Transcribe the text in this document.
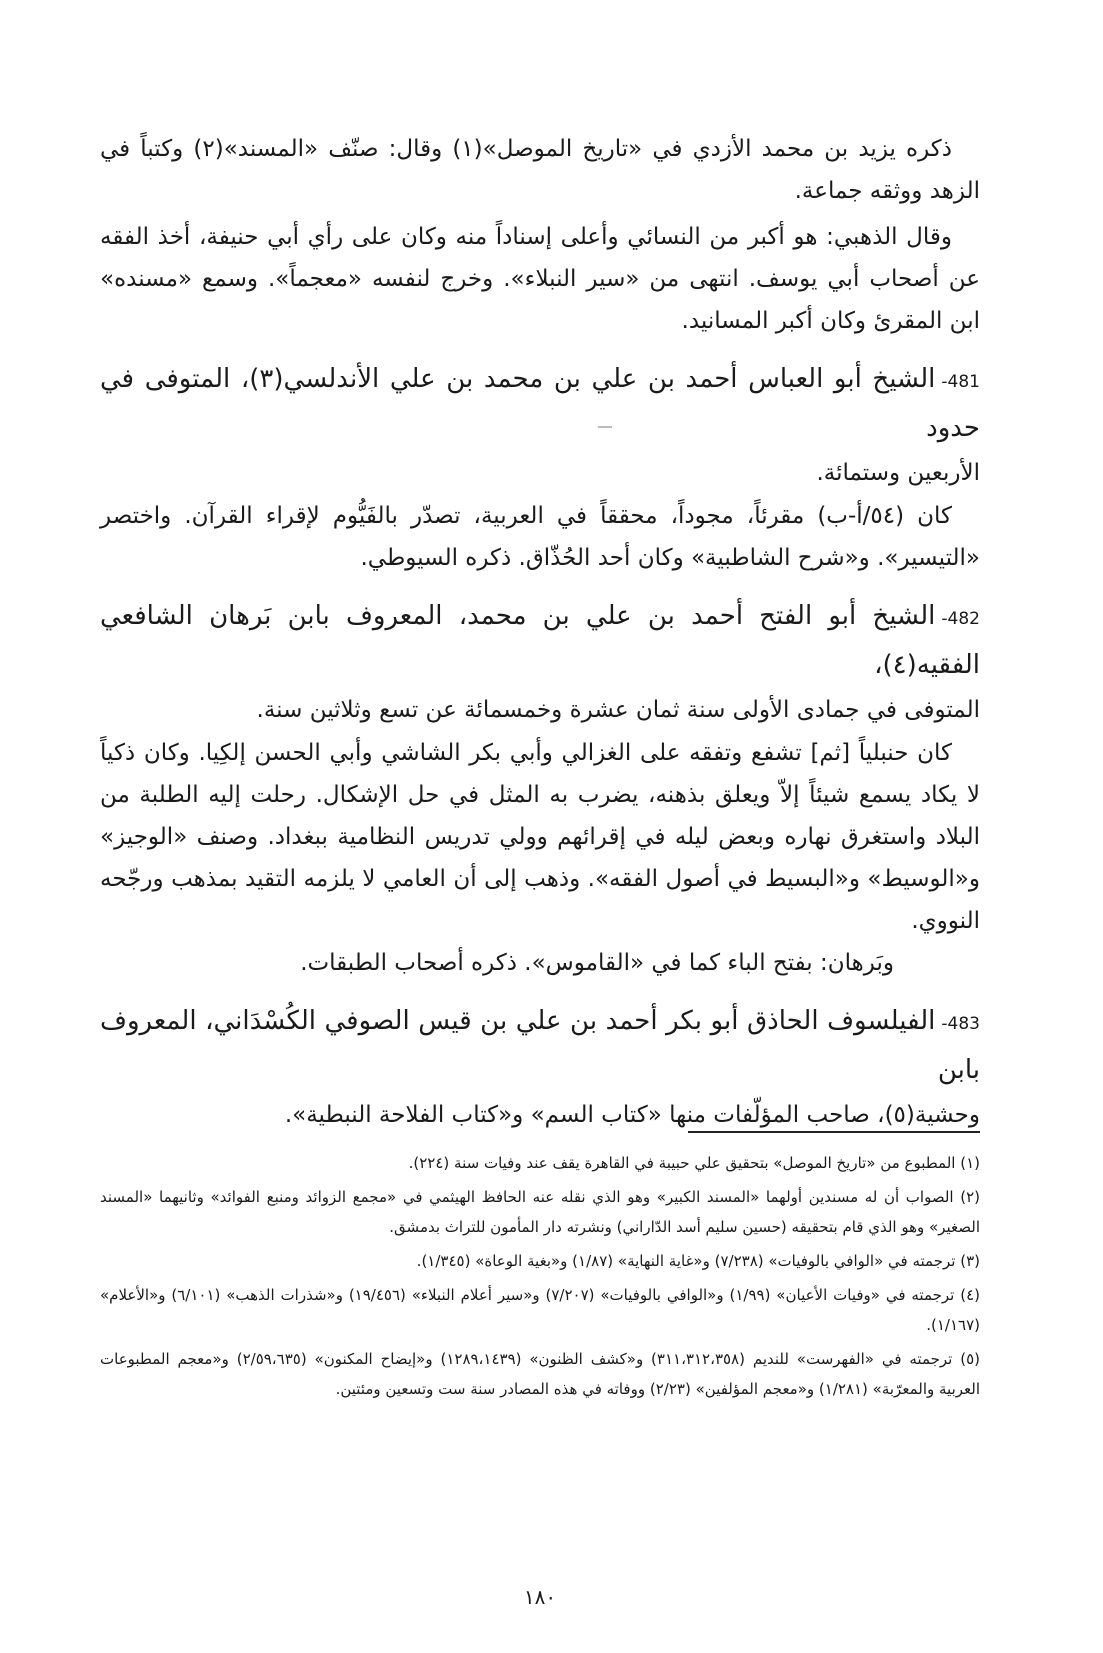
ذكره يزيد بن محمد الأزدي في «تاريخ الموصل»(١) وقال: صنّف «المسند»(٢) وكتباً في الزهد ووثقه جماعة.

وقال الذهبي: هو أكبر من النسائي وأعلى إسناداً منه وكان على رأي أبي حنيفة، أخذ الفقه عن أصحاب أبي يوسف. انتهى من «سير النبلاء». وخرج لنفسه «معجماً». وسمع «مسنده» ابن المقرئ وكان أكبر المسانيد.

-481الشيخ أبو العباس أحمد بن علي بن محمد بن علي الأندلسي(٣)، المتوفى في حدود

الأربعين وستمائة.

كان (٥٤/أ-ب) مقرئاً، مجوداً، محققاً في العربية، تصدّر بالفَيُّوم لإقراء القرآن. واختصر «التيسير». و«شرح الشاطبية» وكان أحد الحُذّاق. ذكره السيوطي.

-482الشيخ أبو الفتح أحمد بن علي بن محمد، المعروف بابن بَرهان الشافعي الفقيه(٤)،

المتوفى في جمادى الأولى سنة ثمان عشرة وخمسمائة عن تسع وثلاثين سنة.

كان حنبلياً [ثم] تشفع وتفقه على الغزالي وأبي بكر الشاشي وأبي الحسن إلكِيا. وكان ذكياً لا يكاد يسمع شيئاً إلاّ ويعلق بذهنه، يضرب به المثل في حل الإشكال. رحلت إليه الطلبة من البلاد واستغرق نهاره وبعض ليله في إقرائهم وولي تدريس النظامية ببغداد. وصنف «الوجيز» و«الوسيط» و«البسيط في أصول الفقه». وذهب إلى أن العامي لا يلزمه التقيد بمذهب ورجّحه النووي.

وبَرهان: بفتح الباء كما في «القاموس». ذكره أصحاب الطبقات.

-483الفيلسوف الحاذق أبو بكر أحمد بن علي بن قيس الصوفي الكُسْدَاني، المعروف بابن

وحشية(٥)، صاحب المؤلّفات منها «كتاب السم» و«كتاب الفلاحة النبطية».

(١) المطبوع من «تاريخ الموصل» بتحقيق علي حبيبة في القاهرة يقف عند وفيات سنة (٢٢٤).

(٢) الصواب أن له مسندين أولهما «المسند الكبير» وهو الذي نقله عنه الحافظ الهيثمي في «مجمع الزوائد ومنبع الفوائد» وثانيهما «المسند الصغير» وهو الذي قام بتحقيقه (حسين سليم أسد الدّاراني) ونشرته دار المأمون للتراث بدمشق.

(٣) ترجمته في «الوافي بالوفيات» (٧/٢٣٨) و«غاية النهاية» (١/٨٧) و«بغية الوعاة» (١/٣٤٥).

(٤) ترجمته في «وفيات الأعيان» (١/٩٩) و«الوافي بالوفيات» (٧/٢٠٧) و«سير أعلام النبلاء» (١٩/٤٥٦) و«شذرات الذهب» (٦/١٠١) و«الأعلام» (١/١٦٧).

(٥) ترجمته في «الفهرست» للنديم (٣١١،٣١٢،٣٥٨) و«كشف الظنون» (١٢٨٩،١٤٣٩) و«إيضاح المكنون» (٢/٥٩،٦٣٥) و«معجم المطبوعات العربية والمعرّبة» (١/٢٨١) و«معجم المؤلفين» (٢/٢٣) ووفاته في هذه المصادر سنة ست وتسعين ومئتين.

١٨٠
